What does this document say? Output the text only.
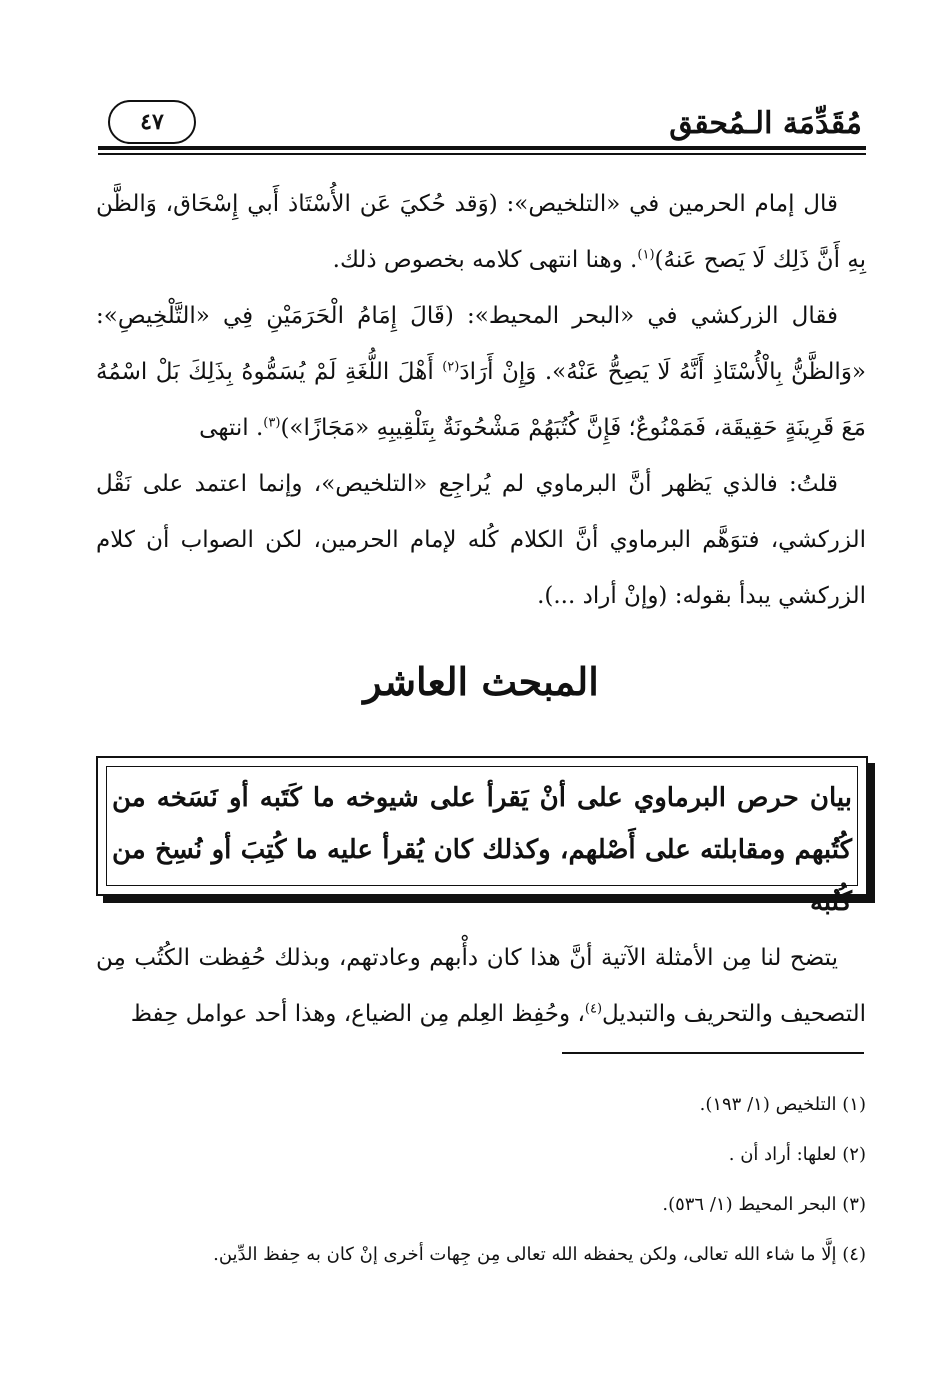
مُقَدِّمَة الـمُحقق
٤٧

قال إمام الحرمين في «التلخيص»: (وَقد حُكيَ عَن الأُسْتَاذ أَبي إِسْحَاق، وَالظَّن بِهِ أَنَّ ذَلِك لَا يَصح عَنهُ)$^{(١)}$. وهنا انتهى كلامه بخصوص ذلك.

فقال الزركشي في «البحر المحيط»: (قَالَ إِمَامُ الْحَرَمَيْنِ فِي «التَّلْخِيصِ»: «وَالظَّنُّ بِالْأُسْتَاذِ أَنَّهُ لَا يَصِحُّ عَنْهُ». وَإِنْ أَرَادَ$^{(٢)}$ أَهْلَ اللُّغَةِ لَمْ يُسَمُّوهُ بِذَلِكَ بَلْ اسْمُهُ مَعَ قَرِينَةٍ حَقِيقَة، فَمَمْنُوعٌ؛ فَإِنَّ كُتُبَهُمْ مَشْحُونَةٌ بِتَلْقِيبِهِ «مَجَازًا»)$^{(٣)}$. انتهى

قلتُ: فالذي يَظهر أنَّ البرماوي لم يُراجِع «التلخيص»، وإنما اعتمد على نَقْل الزركشي، فتوَهَّم البرماوي أنَّ الكلام كُله لإمام الحرمين، لكن الصواب أن كلام الزركشي يبدأ بقوله: (وإنْ أراد ...).

المبحث العاشر
بيان حرص البرماوي على أنْ يَقرأ على شيوخه ما كَتَبه أو نَسَخه من كُتُبهم ومقابلته على أَصْلهم، وكذلك كان يُقرأ عليه ما كُتِبَ أو نُسِخ من كُتُبه

يتضح لنا مِن الأمثلة الآتية أنَّ هذا كان دأْبهم وعادتهم، وبذلك حُفِظت الكُتُب مِن التصحيف والتحريف والتبديل$^{(٤)}$، وحُفِظ العِلم مِن الضياع، وهذا أحد عوامل حِفظ

(١) التلخيص (١/ ١٩٣).
(٢) لعلها: أراد أن .
(٣) البحر المحيط (١/ ٥٣٦).
(٤) إلَّا ما شاء الله تعالى، ولكن يحفظه الله تعالى مِن جِهات أخرى إنْ كان به حِفظ الدِّين.
